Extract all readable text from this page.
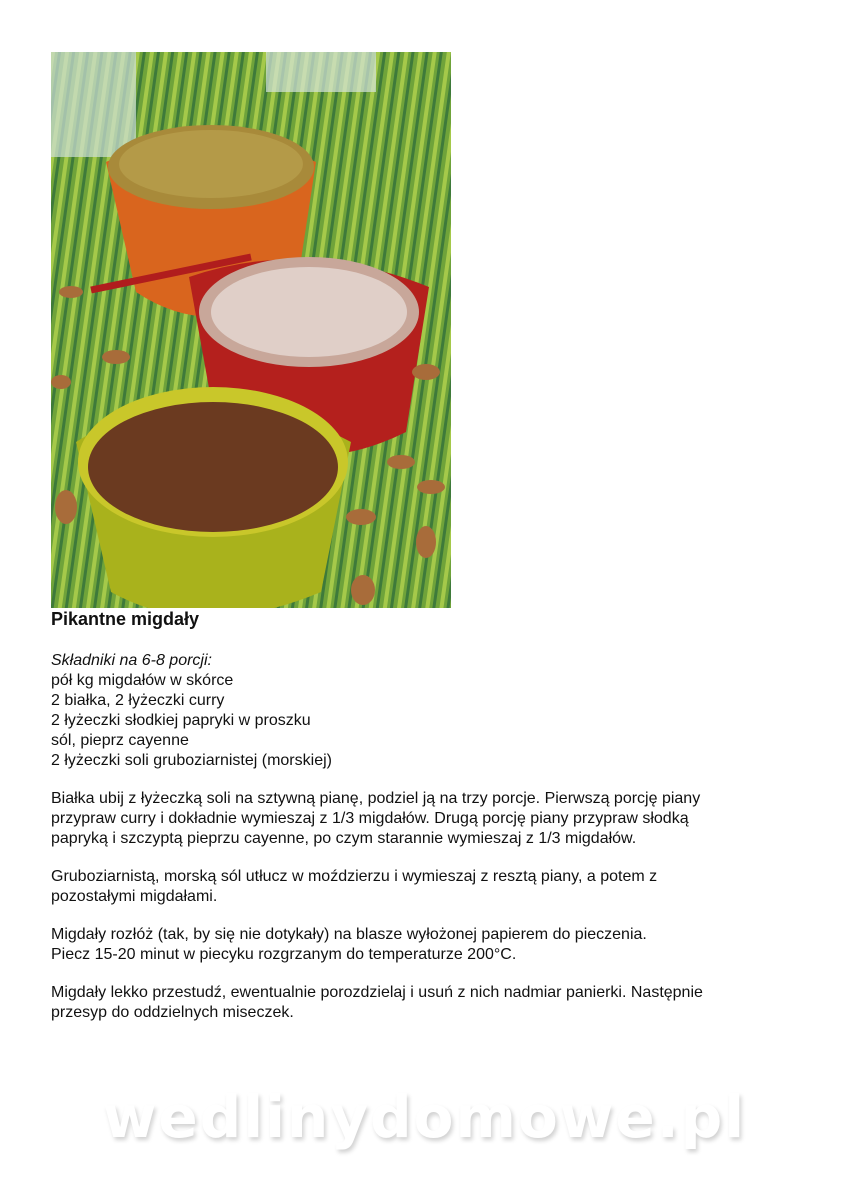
Pikantne migdały
Składniki na 6-8 porcji:
pół kg migdałów w skórce
2 białka, 2 łyżeczki curry
2 łyżeczki słodkiej papryki w proszku
sól, pieprz cayenne
2 łyżeczki soli gruboziarnistej (morskiej)

Białka ubij z łyżeczką soli na sztywną pianę, podziel ją na trzy porcje. Pierwszą porcję piany
przypraw curry i dokładnie wymieszaj z 1/3 migdałów. Drugą porcję piany przypraw słodką
papryką i szczyptą pieprzu cayenne, po czym starannie wymieszaj z 1/3 migdałów.

Gruboziarnistą, morską sól utłucz w moździerzu i wymieszaj z resztą piany, a potem z
pozostałymi migdałami.

Migdały rozłóż (tak, by się nie dotykały) na blasze wyłożonej papierem do pieczenia.
Piecz 15-20 minut w piecyku rozgrzanym do temperaturze 200°C.

Migdały lekko przestudź, ewentualnie porozdzielaj i usuń z nich nadmiar panierki. Następnie
przesyp do oddzielnych miseczek.

wedlinydomowe.pl
